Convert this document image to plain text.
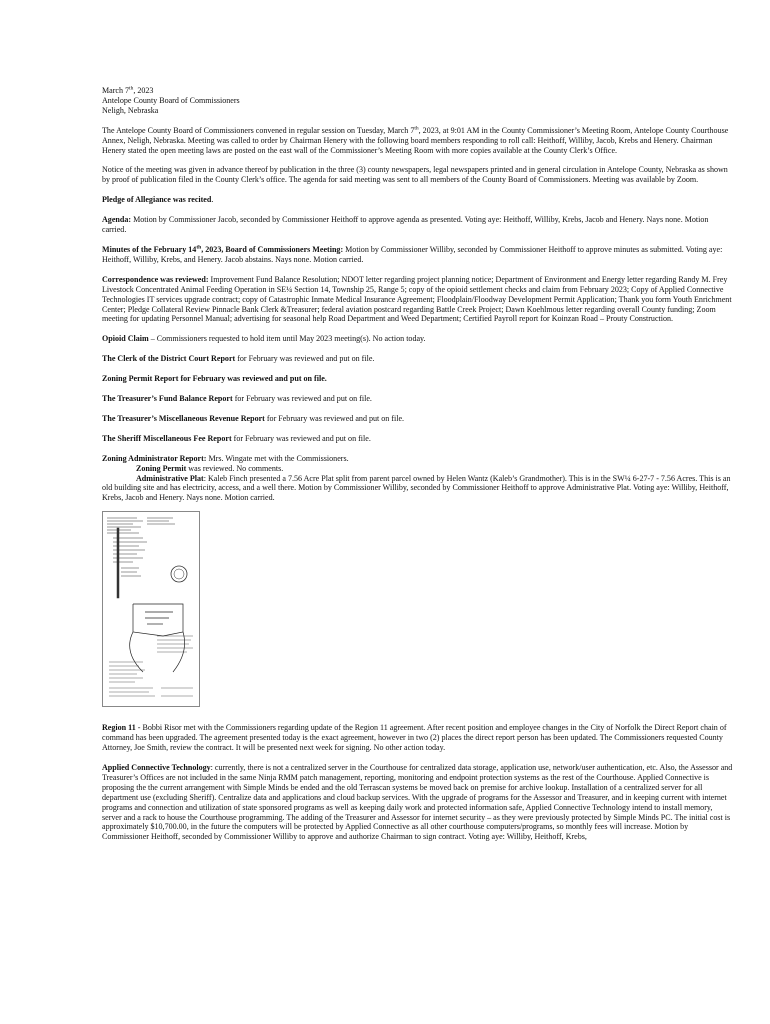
March 7th, 2023
Antelope County Board of Commissioners
Neligh, Nebraska

The Antelope County Board of Commissioners convened in regular session on Tuesday, March 7th, 2023, at 9:01 AM in the County Commissioner’s Meeting Room, Antelope County Courthouse Annex, Neligh, Nebraska. Meeting was called to order by Chairman Henery with the following board members responding to roll call: Heithoff, Williby, Jacob, Krebs and Henery. Chairman Henery stated the open meeting laws are posted on the east wall of the Commissioner’s Meeting Room with more copies available at the County Clerk’s Office.

Notice of the meeting was given in advance thereof by publication in the three (3) county newspapers, legal newspapers printed and in general circulation in Antelope County, Nebraska as shown by proof of publication filed in the County Clerk’s office. The agenda for said meeting was sent to all members of the County Board of Commissioners. Meeting was available by Zoom.

Pledge of Allegiance was recited.

Agenda: Motion by Commissioner Jacob, seconded by Commissioner Heithoff to approve agenda as presented. Voting aye: Heithoff, Williby, Krebs, Jacob and Henery. Nays none. Motion carried.

Minutes of the February 14th, 2023, Board of Commissioners Meeting: Motion by Commissioner Williby, seconded by Commissioner Heithoff to approve minutes as submitted. Voting aye: Heithoff, Williby, Krebs, and Henery. Jacob abstains. Nays none. Motion carried.

Correspondence was reviewed: Improvement Fund Balance Resolution; NDOT letter regarding project planning notice; Department of Environment and Energy letter regarding Randy M. Frey Livestock Concentrated Animal Feeding Operation in SE¼ Section 14, Township 25, Range 5; copy of the opioid settlement checks and claim from February 2023; Copy of Applied Connective Technologies IT services upgrade contract; copy of Catastrophic Inmate Medical Insurance Agreement; Floodplain/Floodway Development Permit Application; Thank you form Youth Enrichment Center; Pledge Collateral Review Pinnacle Bank Clerk &Treasurer; federal aviation postcard regarding Battle Creek Project; Dawn Koehlmous letter regarding overall County funding; Zoom meeting for updating Personnel Manual; advertising for seasonal help Road Department and Weed Department; Certified Payroll report for Koinzan Road – Prouty Construction.

Opioid Claim – Commissioners requested to hold item until May 2023 meeting(s). No action today.

The Clerk of the District Court Report for February was reviewed and put on file.

Zoning Permit Report for February was reviewed and put on file.

The Treasurer’s Fund Balance Report for February was reviewed and put on file.

The Treasurer’s Miscellaneous Revenue Report for February was reviewed and put on file.

The Sheriff Miscellaneous Fee Report for February was reviewed and put on file.

Zoning Administrator Report: Mrs. Wingate met with the Commissioners.
Zoning Permit was reviewed. No comments.
Administrative Plat: Kaleb Finch presented a 7.56 Acre Plat split from parent parcel owned by Helen Wantz (Kaleb’s Grandmother). This is in the SW¼ 6-27-7 - 7.56 Acres. This is an old building site and has electricity, access, and a well there. Motion by Commissioner Williby, seconded by Commissioner Heithoff to approve Administrative Plat. Voting aye: Williby, Heithoff, Krebs, Jacob and Henery. Nays none. Motion carried.

Region 11 - Bobbi Risor met with the Commissioners regarding update of the Region 11 agreement. After recent position and employee changes in the City of Norfolk the Direct Report chain of command has been upgraded. The agreement presented today is the exact agreement, however in two (2) places the direct report person has been updated. The Commissioners requested County Attorney, Joe Smith, review the contract. It will be presented next week for signing. No other action today.

Applied Connective Technology: currently, there is not a centralized server in the Courthouse for centralized data storage, application use, network/user authentication, etc. Also, the Assessor and Treasurer’s Offices are not included in the same Ninja RMM patch management, reporting, monitoring and endpoint protection systems as the rest of the Courthouse. Applied Connective is proposing the the current arrangement with Simple Minds be ended and the old Terrascan systems be moved back on premise for archive lookup. Installation of a centralized server for all department use (excluding Sheriff). Centralize data and applications and cloud backup services. With the upgrade of programs for the Assessor and Treasurer, and in keeping current with internet programs and connection and utilization of state sponsored programs as well as keeping daily work and protected information safe, Applied Connective Technology intend to install memory, server and a rack to house the Courthouse programming. The adding of the Treasurer and Assessor for internet security – as they were previously protected by Simple Minds PC. The initial cost is approximately $10,700.00, in the future the computers will be protected by Applied Connective as all other courthouse computers/programs, so monthly fees will increase. Motion by Commissioner Heithoff, seconded by Commissioner Williby to approve and authorize Chairman to sign contract. Voting aye: Williby, Heithoff, Krebs,
